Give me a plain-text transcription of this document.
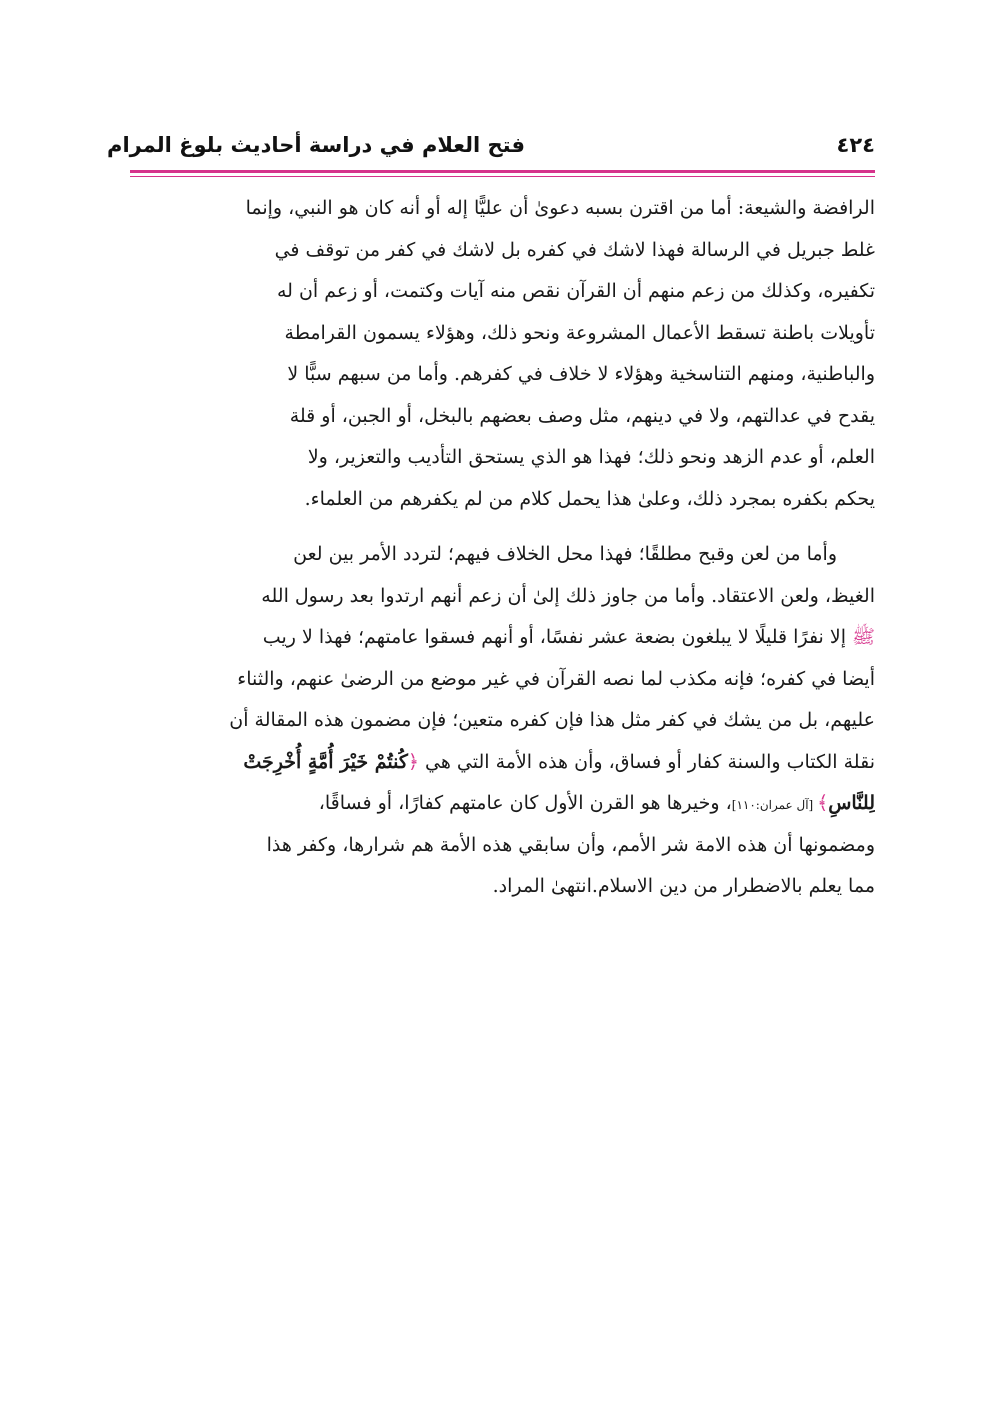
فتح العلام في دراسة أحاديث بلوغ المرام	٤٢٤
الرافضة والشيعة: أما من اقترن بسبه دعوىٰ أن عليًّا إله أو أنه كان هو النبي، وإنما
غلط جبريل في الرسالة فهذا لاشك في كفره بل لاشك في كفر من توقف في
تكفيره، وكذلك من زعم منهم أن القرآن نقص منه آيات وكتمت، أو زعم أن له
تأويلات باطنة تسقط الأعمال المشروعة ونحو ذلك، وهؤلاء يسمون القرامطة
والباطنية، ومنهم التناسخية وهؤلاء لا خلاف في كفرهم. وأما من سبهم سبًّا لا
يقدح في عدالتهم، ولا في دينهم، مثل وصف بعضهم بالبخل، أو الجبن، أو قلة
العلم، أو عدم الزهد ونحو ذلك؛ فهذا هو الذي يستحق التأديب والتعزير، ولا
يحكم بكفره بمجرد ذلك، وعلىٰ هذا يحمل كلام من لم يكفرهم من العلماء.
  وأما من لعن وقبح مطلقًا؛ فهذا محل الخلاف فيهم؛ لتردد الأمر بين لعن
الغيظ، ولعن الاعتقاد. وأما من جاوز ذلك إلىٰ أن زعم أنهم ارتدوا بعد رسول الله
ﷺ إلا نفرًا قليلًا لا يبلغون بضعة عشر نفسًا، أو أنهم فسقوا عامتهم؛ فهذا لا ريب
أيضا في كفره؛ فإنه مكذب لما نصه القرآن في غير موضع من الرضىٰ عنهم، والثناء
عليهم، بل من يشك في كفر مثل هذا فإن كفره متعين؛ فإن مضمون هذه المقالة أن
نقلة الكتاب والسنة كفار أو فساق، وأن هذه الأمة التي هي ﴿كُنتُمْ خَيْرَ أُمَّةٍ أُخْرِجَتْ
لِلنَّاسِ﴾ [آل عمران:١١٠]، وخيرها هو القرن الأول كان عامتهم كفارًا، أو فساقًا،
ومضمونها أن هذه الامة شر الأمم، وأن سابقي هذه الأمة هم شرارها، وكفر هذا
مما يعلم بالاضطرار من دين الاسلام.انتهىٰ المراد.
